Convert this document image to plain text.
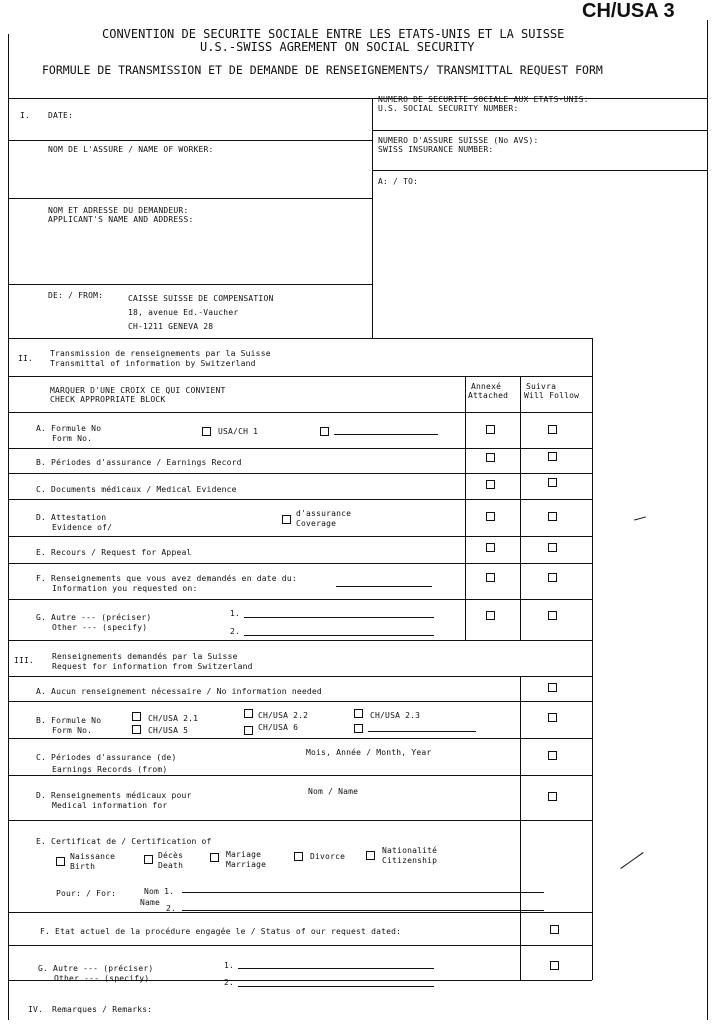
CH/USA 3
CONVENTION DE SECURITE SOCIALE ENTRE LES ETATS-UNIS ET LA SUISSE
U.S.-SWISS AGREMENT ON SOCIAL SECURITY
FORMULE DE TRANSMISSION ET DE DEMANDE DE RENSEIGNEMENTS/ TRANSMITTAL REQUEST FORM
I. DATE:
NOM DE L'ASSURE / NAME OF WORKER:
NOM ET ADRESSE DU DEMANDEUR:
APPLICANT'S NAME AND ADDRESS:
DE: / FROM:	CAISSE SUISSE DE COMPENSATION
18, avenue Ed.-Vaucher
CH-1211 GENEVA 28
NUMERO DE SECURITE SOCIALE AUX ETATS-UNIS:
U.S. SOCIAL SECURITY NUMBER:
NUMERO D'ASSURE SUISSE (No AVS):
SWISS INSURANCE NUMBER:
A: / TO:
II.
Transmission de renseignements par la Suisse
Transmittal of information by Switzerland
MARQUER D'UNE CROIX CE QUI CONVIENT
CHECK APPROPRIATE BLOCK
Annexé
Attached
Suivra
Will Follow
A. Formule No
Form No.
USA/CH 1
B. Périodes d'assurance / Earnings Record
C. Documents médicaux / Medical Evidence
D. Attestation
Evidence of/
d'assurance
Coverage
E. Recours / Request for Appeal
F. Renseignements que vous avez demandés en date du:
Information you requested on:
G. Autre --- (préciser)
Other --- (specify)
1.
2.
III. Renseignements demandés par la Suisse
Request for information from Switzerland
A. Aucun renseignement nécessaire / No information needed
B. Formule No
Form No.
CH/USA 2.1
CH/USA 5
CH/USA 2.2
CH/USA 6
CH/USA 2.3
C. Périodes d'assurance (de)
Earnings Records (from)
Mois, Année / Month, Year
D. Renseignements médicaux pour
Medical information for
Nom / Name
E. Certificat de / Certification of
Naissance
Birth
Décès
Death
Mariage
Marriage
Divorce
Nationalité
Citizenship
Pour: / For:	Nom 1.
Name
2.
F. Etat actuel de la procédure engagée le / Status of our request dated:
G. Autre --- (préciser)
Other --- (specify)
1.
2.
IV. Remarques / Remarks:
